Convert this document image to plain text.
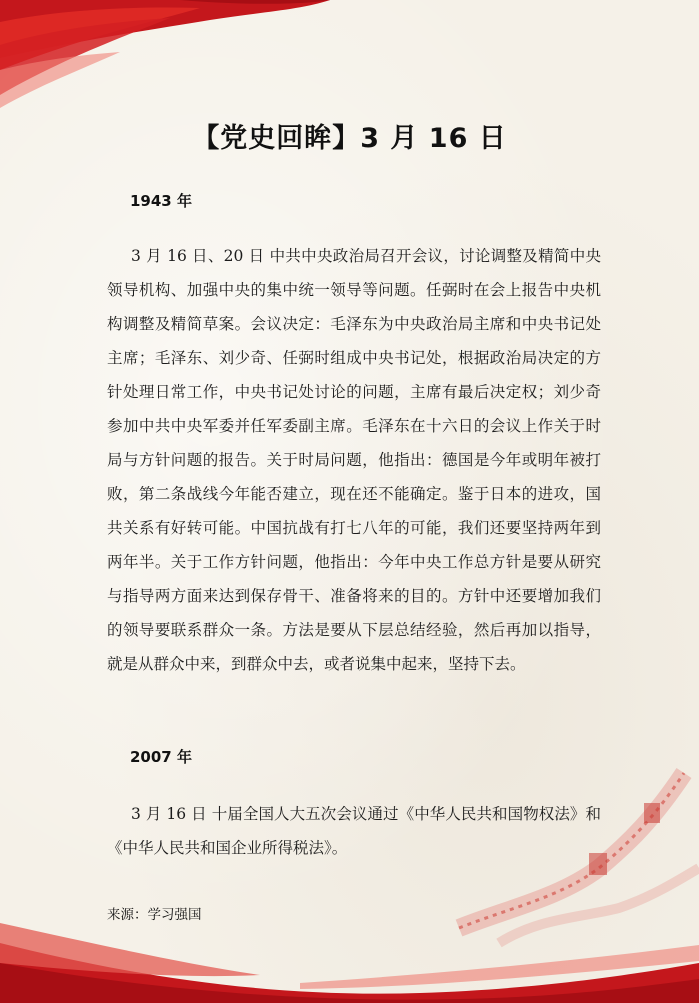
【党史回眸】3 月 16 日
1943 年

3 月 16 日、20 日 中共中央政治局召开会议，讨论调整及精简中央领导机构、加强中央的集中统一领导等问题。任弼时在会上报告中央机构调整及精简草案。会议决定：毛泽东为中央政治局主席和中央书记处主席；毛泽东、刘少奇、任弼时组成中央书记处，根据政治局决定的方针处理日常工作，中央书记处讨论的问题，主席有最后决定权；刘少奇参加中共中央军委并任军委副主席。毛泽东在十六日的会议上作关于时局与方针问题的报告。关于时局问题，他指出：德国是今年或明年被打败，第二条战线今年能否建立，现在还不能确定。鉴于日本的进攻，国共关系有好转可能。中国抗战有打七八年的可能，我们还要坚持两年到两年半。关于工作方针问题，他指出：今年中央工作总方针是要从研究与指导两方面来达到保存骨干、准备将来的目的。方针中还要增加我们的领导要联系群众一条。方法是要从下层总结经验，然后再加以指导，就是从群众中来，到群众中去，或者说集中起来，坚持下去。

2007 年

3 月 16 日 十届全国人大五次会议通过《中华人民共和国物权法》和《中华人民共和国企业所得税法》。

来源：学习强国
